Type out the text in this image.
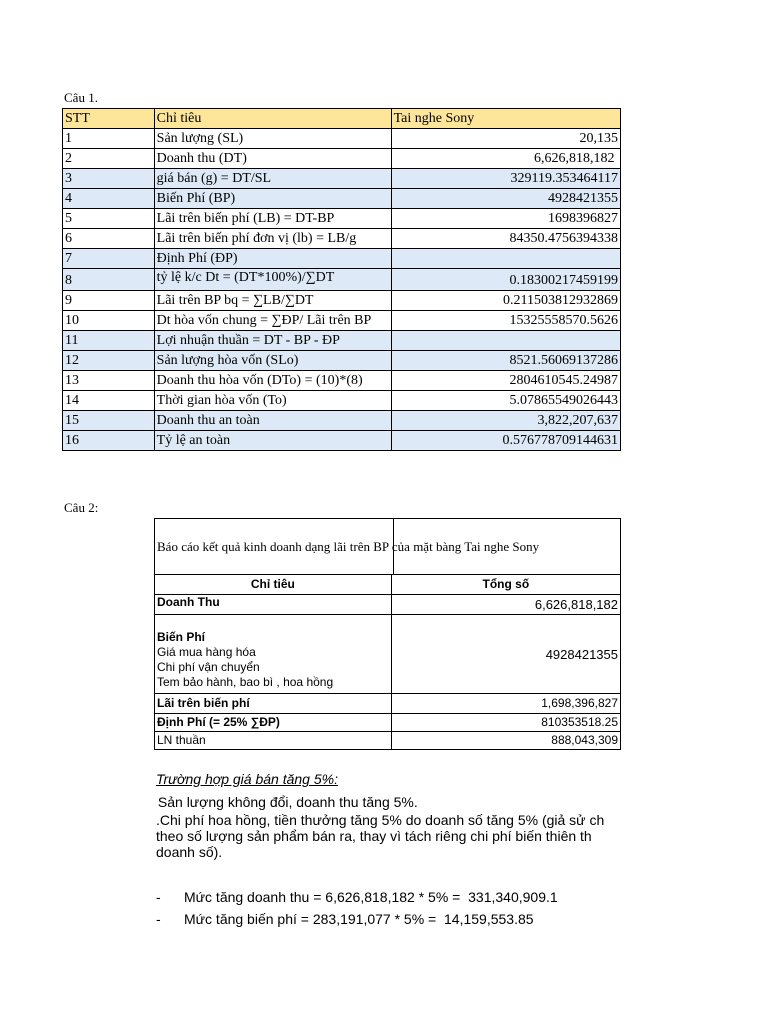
Câu 1.
STT	Chỉ tiêu	Tai nghe Sony
1	Sản lượng (SL)	20,135
2	Doanh thu (DT)	6,626,818,182
3	giá bán (g) = DT/SL	329119.353464117
4	Biến Phí (BP)	4928421355
5	Lãi trên biến phí (LB) = DT-BP	1698396827
6	Lãi trên biến phí đơn vị (lb) = LB/g	84350.4756394338
7	Định Phí (ĐP)	
8	tỷ lệ k/c Dt = (DT*100%)/∑DT	0.18300217459199
9	Lãi trên BP bq = ∑LB/∑DT	0.211503812932869
10	Dt hòa vốn chung = ∑ĐP/ Lãi trên BP	15325558570.5626
11	Lợi nhuận thuần = DT - BP - ĐP	
12	Sản lượng hòa vốn (SLo)	8521.56069137286
13	Doanh thu hòa vốn (DTo) = (10)*(8)	2804610545.24987
14	Thời gian hòa vốn (To)	5.07865549026443
15	Doanh thu an toàn	3,822,207,637
16	Tỷ lệ an toàn	0.576778709144631
Câu 2:
Báo cáo kết quả kinh doanh dạng lãi trên BP của mặt bàng Tai nghe Sony	
Chỉ tiêu	Tổng số
Doanh Thu	6,626,818,182

Biến Phí
Giá mua hàng hóa
Chi phí vận chuyển
Tem bảo hành, bao bì , hoa hồng	4928421355
Lãi trên biến phí	1,698,396,827
Định Phí (= 25% ∑ĐP)	810353518.25
LN thuần	888,043,309
Trường hợp giá bán tăng 5%:
Sản lượng không đổi, doanh thu tăng 5%.
.Chi phí hoa hồng, tiền thưởng tăng 5% do doanh số tăng 5% (giả sử ch
theo số lượng sản phẩm bán ra, thay vì tách riêng chi phí biến thiên th
doanh số).
- Mức tăng doanh thu = 6,626,818,182 * 5% =  331,340,909.1
- Mức tăng biến phí = 283,191,077 * 5% =  14,159,553.85
